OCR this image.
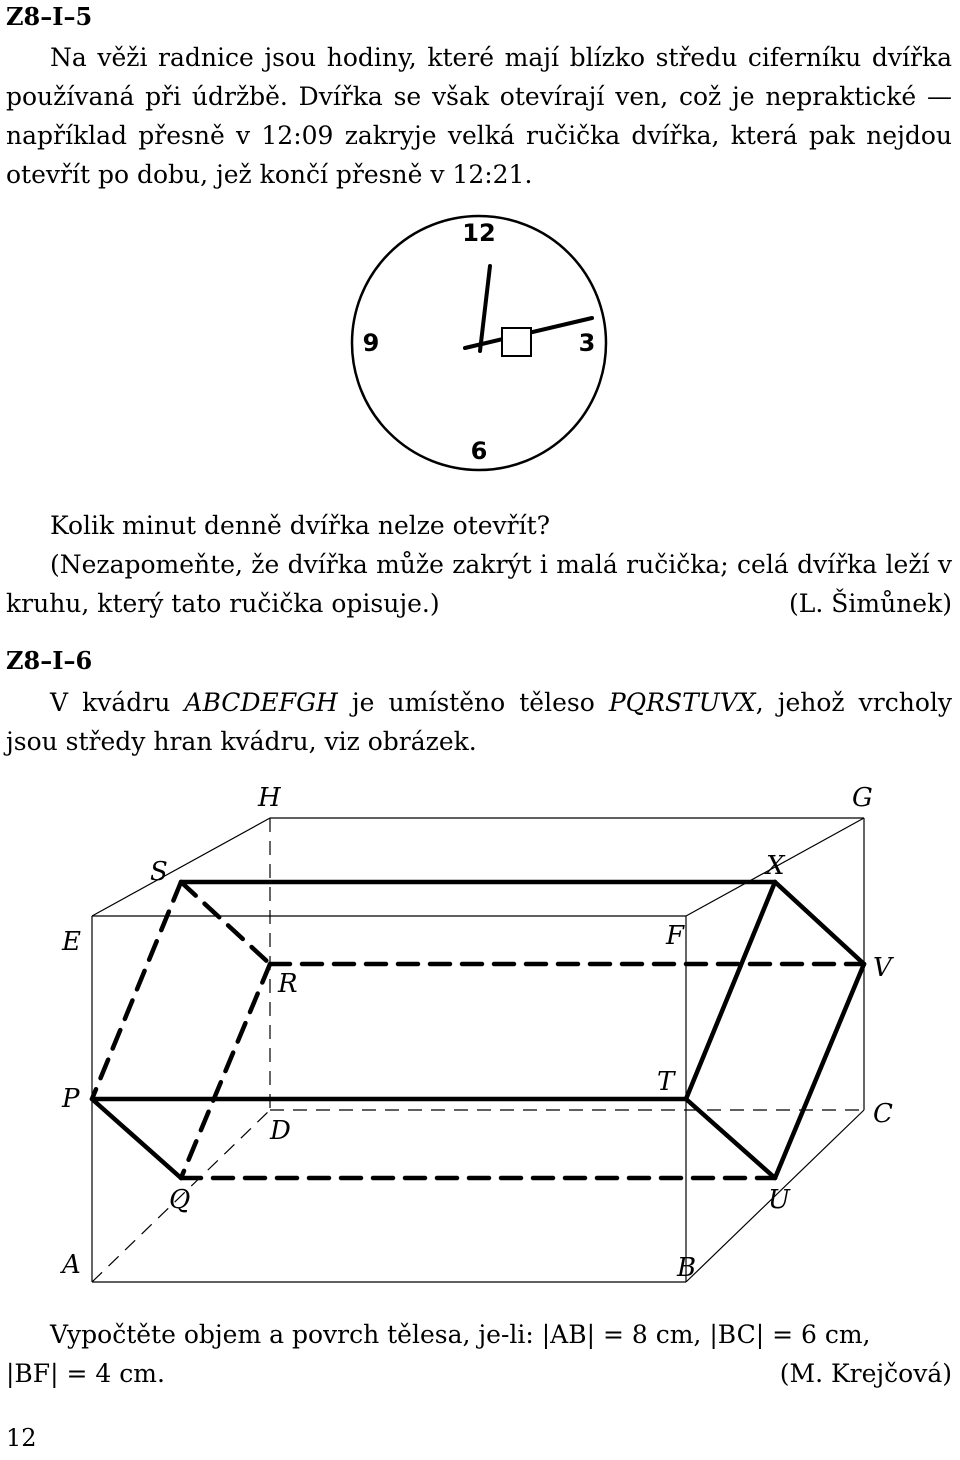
Z8–I–5
Na věži radnice jsou hodiny, které mají blízko středu ciferníku dvířka používaná při údržbě. Dvířka se však otevírají ven, což je nepraktické — například přesně v 12:09 zakryje velká ručička dvířka, která pak nejdou otevřít po dobu, jež končí přesně v 12:21.
12
3
6
9

Kolik minut denně dvířka nelze otevřít?

(Nezapomeňte, že dvířka může zakrýt i malá ručička; celá dvířka leží v kruhu, který tato ručička opisuje.)	(L. Šimůnek)

Z8–I–6
V kvádru ABCDEFGH je umístěno těleso PQRSTUVX, jehož vrcholy jsou středy hran kvádru, viz obrázek.
A	B
C
D
E	F
G
H
P
Q
R
S
T
U
V
X

Vypočtěte objem a povrch tělesa, je-li: |AB| = 8 cm, |BC| = 6 cm,

|BF| = 4 cm.	(M. Krejčová)

12
